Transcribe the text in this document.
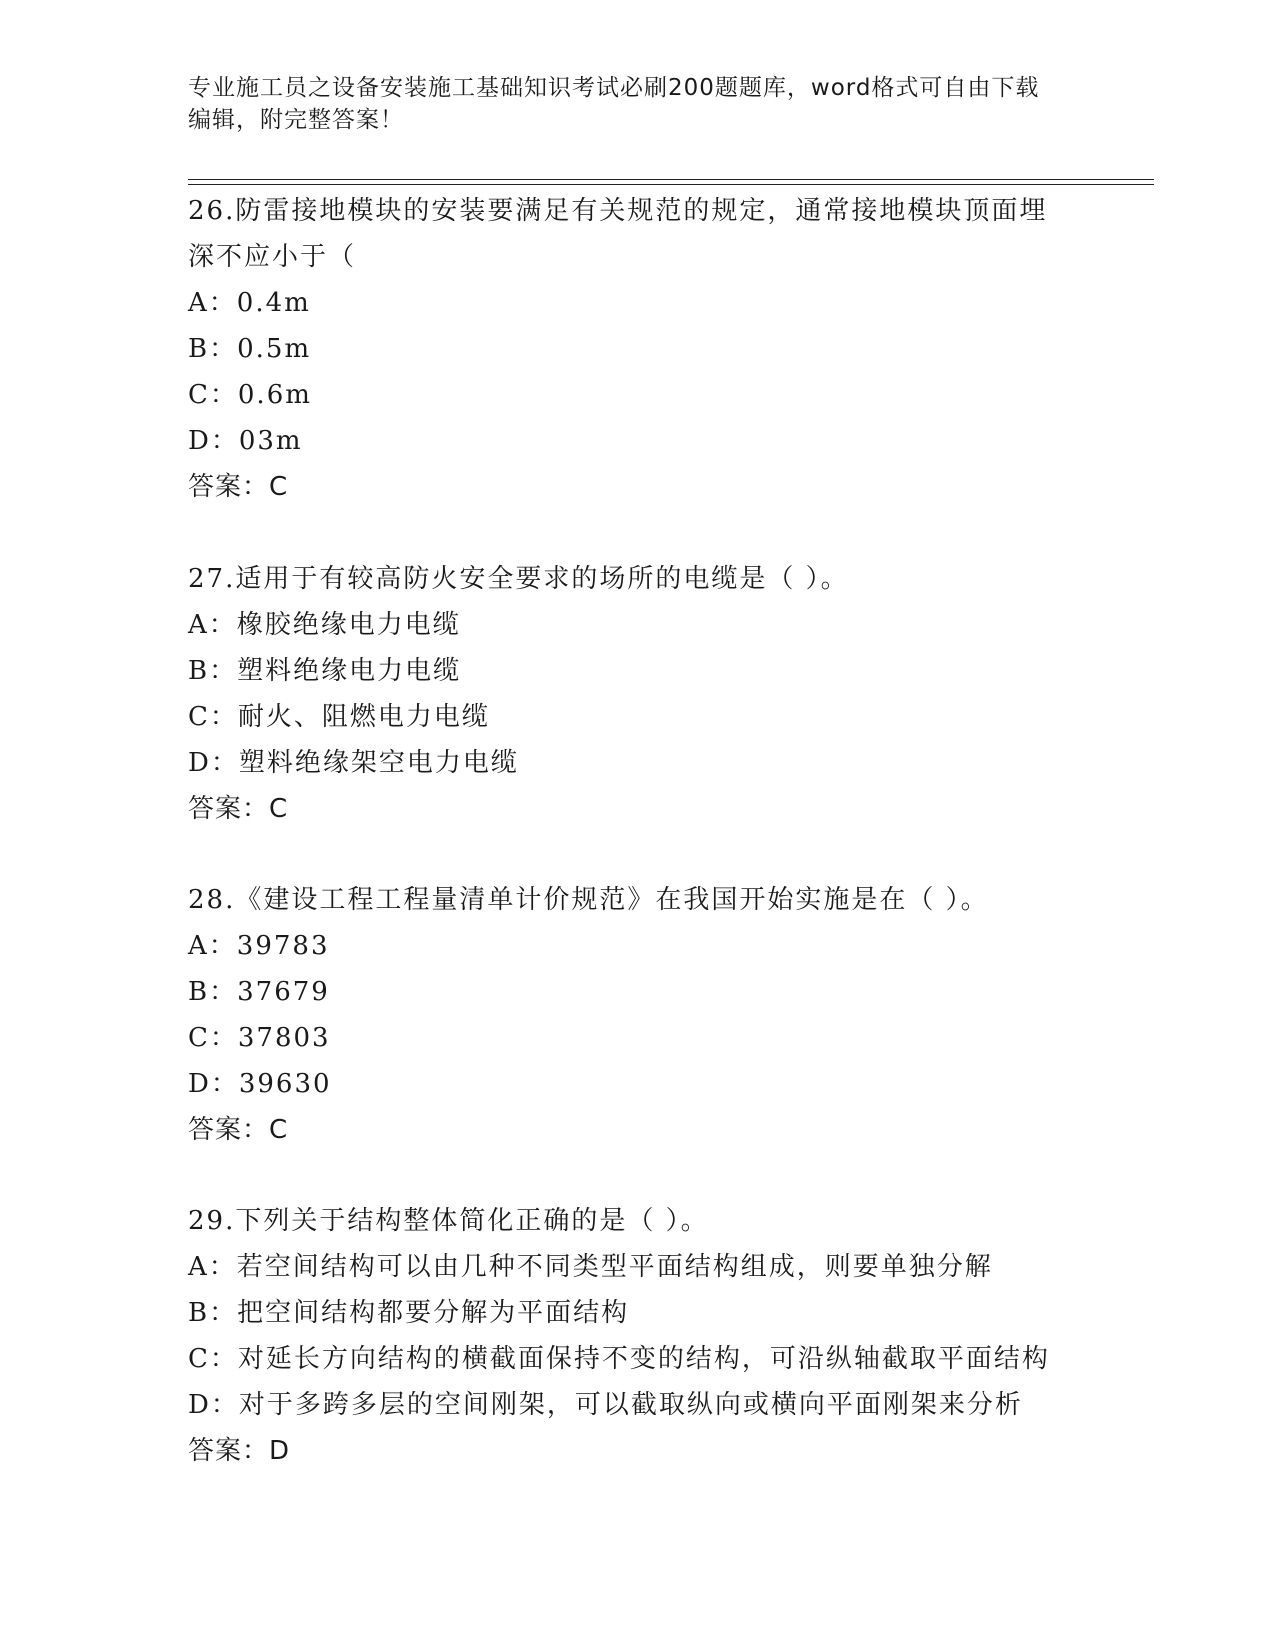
专业施工员之设备安装施工基础知识考试必刷200题题库，word格式可自由下载
编辑，附完整答案！
26.防雷接地模块的安装要满足有关规范的规定，通常接地模块顶面埋
深不应小于（
A：0.4m
B：0.5m
C：0.6m
D：03m
答案：C
27.适用于有较高防火安全要求的场所的电缆是（ ）。
A：橡胶绝缘电力电缆
B：塑料绝缘电力电缆
C：耐火、阻燃电力电缆
D：塑料绝缘架空电力电缆
答案：C
28.《建设工程工程量清单计价规范》在我国开始实施是在（ ）。
A：39783
B：37679
C：37803
D：39630
答案：C
29.下列关于结构整体简化正确的是（ ）。
A：若空间结构可以由几种不同类型平面结构组成，则要单独分解
B：把空间结构都要分解为平面结构
C：对延长方向结构的横截面保持不变的结构，可沿纵轴截取平面结构
D：对于多跨多层的空间刚架，可以截取纵向或横向平面刚架来分析
答案：D
